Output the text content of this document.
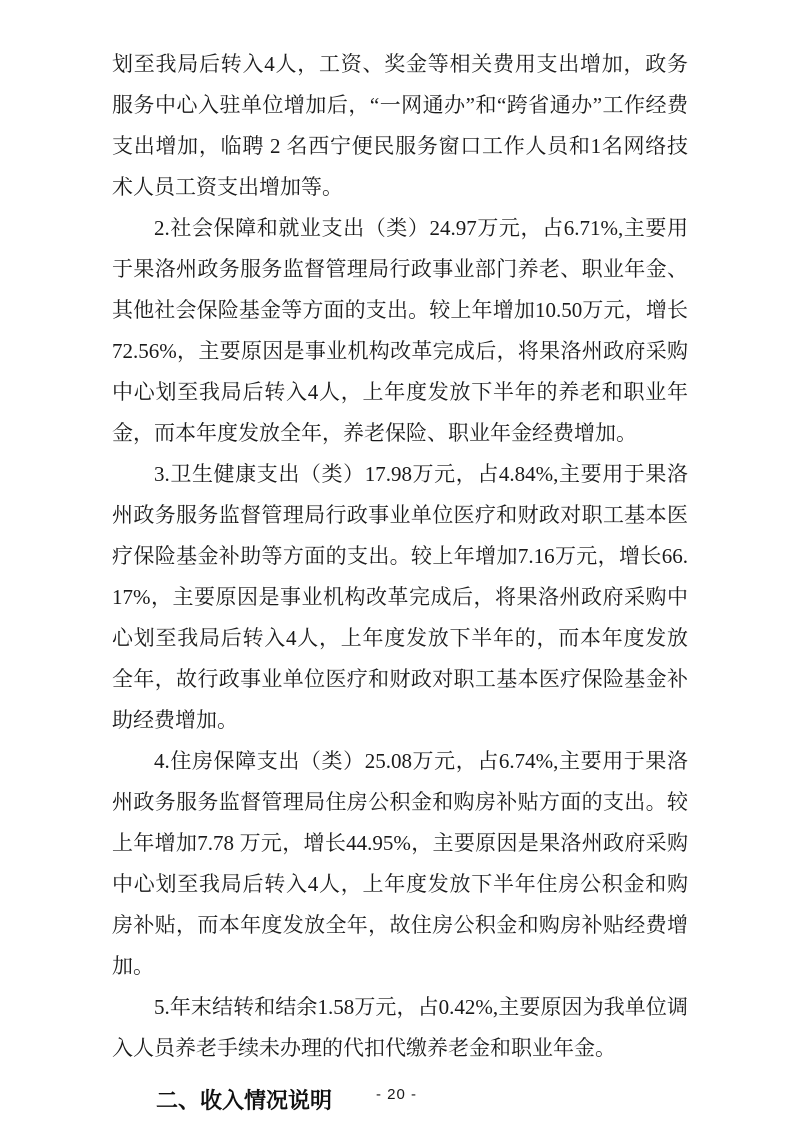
划至我局后转入4人，工资、奖金等相关费用支出增加，政务服务中心入驻单位增加后，“一网通办”和“跨省通办”工作经费支出增加，临聘 2 名西宁便民服务窗口工作人员和1名网络技术人员工资支出增加等。

2.社会保障和就业支出（类）24.97万元，占6.71%,主要用于果洛州政务服务监督管理局行政事业部门养老、职业年金、其他社会保险基金等方面的支出。较上年增加10.50万元，增长72.56%，主要原因是事业机构改革完成后，将果洛州政府采购中心划至我局后转入4人，上年度发放下半年的养老和职业年金，而本年度发放全年，养老保险、职业年金经费增加。

3.卫生健康支出（类）17.98万元，占4.84%,主要用于果洛州政务服务监督管理局行政事业单位医疗和财政对职工基本医疗保险基金补助等方面的支出。较上年增加7.16万元，增长66.17%，主要原因是事业机构改革完成后，将果洛州政府采购中心划至我局后转入4人，上年度发放下半年的，而本年度发放全年，故行政事业单位医疗和财政对职工基本医疗保险基金补助经费增加。

4.住房保障支出（类）25.08万元，占6.74%,主要用于果洛州政务服务监督管理局住房公积金和购房补贴方面的支出。较上年增加7.78 万元，增长44.95%，主要原因是果洛州政府采购中心划至我局后转入4人，上年度发放下半年住房公积金和购房补贴，而本年度发放全年，故住房公积金和购房补贴经费增加。

5.年末结转和结余1.58万元，占0.42%,主要原因为我单位调入人员养老手续未办理的代扣代缴养老金和职业年金。

二、收入情况说明	- 20 -
